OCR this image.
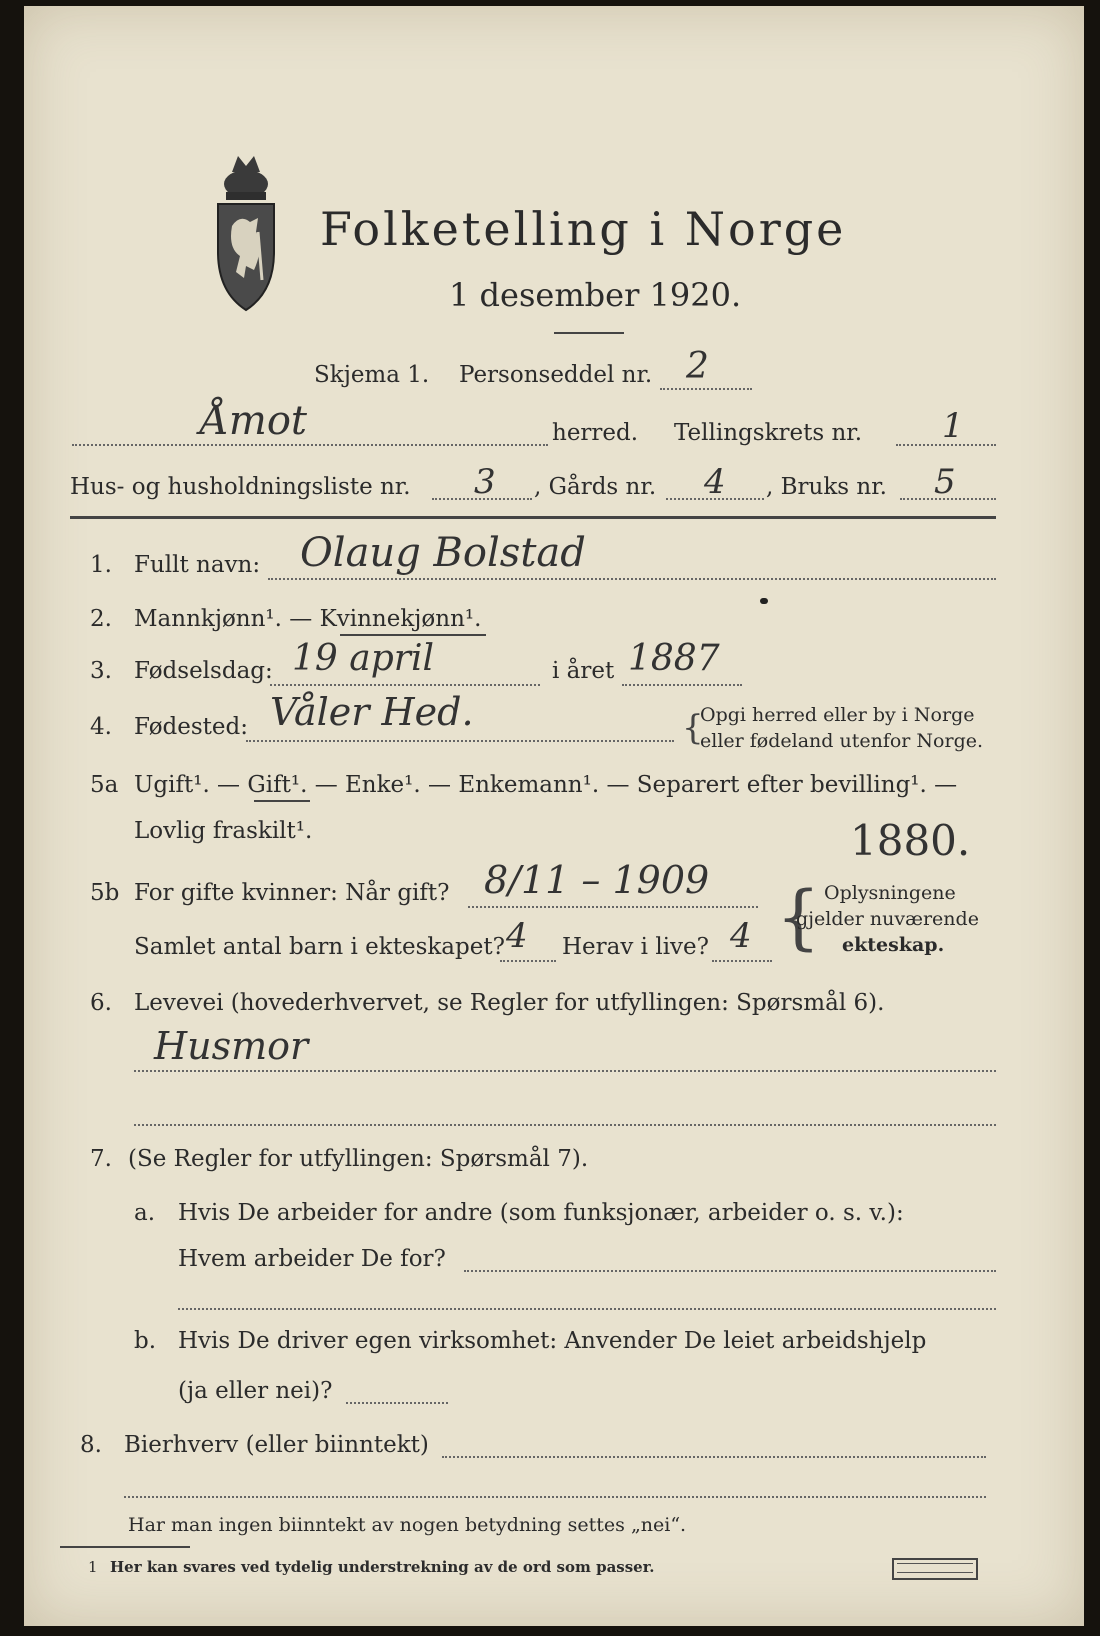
Folketelling i Norge
1 desember 1920.
Skjema 1. Personseddel nr. 2
Åmot	herred. Tellingskrets nr. 1
Hus- og husholdningsliste nr. 3 , Gårds nr. 4 , Bruks nr. 5
1. Fullt navn: Olaug Bolstad
2. Mannkjønn¹. — Kvinnekjønn¹.
3. Fødselsdag: 19 april	i året 1887
4. Fødested: Våler Hed.	{
Opgi herred eller by i Norge
eller fødeland utenfor Norge.
5a Ugift¹. — Gift¹. — Enke¹. — Enkemann¹. — Separert efter bevilling¹. —
Lovlig fraskilt¹.	1880.
5b For gifte kvinner: Når gift? 8/11 – 1909
Samlet antal barn i ekteskapet? 4 Herav i live? 4 { Oplysningene
gjelder nuværende
ekteskap.
6. Levevei (hovederhvervet, se Regler for utfyllingen: Spørsmål 6).
Husmor
7. (Se Regler for utfyllingen: Spørsmål 7).
a. Hvis De arbeider for andre (som funksjonær, arbeider o. s. v.):
Hvem arbeider De for?
b. Hvis De driver egen virksomhet: Anvender De leiet arbeidshjelp
(ja eller nei)?
8. Bierhverv (eller biinntekt)
Har man ingen biinntekt av nogen betydning settes „nei“.
1 Her kan svares ved tydelig understrekning av de ord som passer.
